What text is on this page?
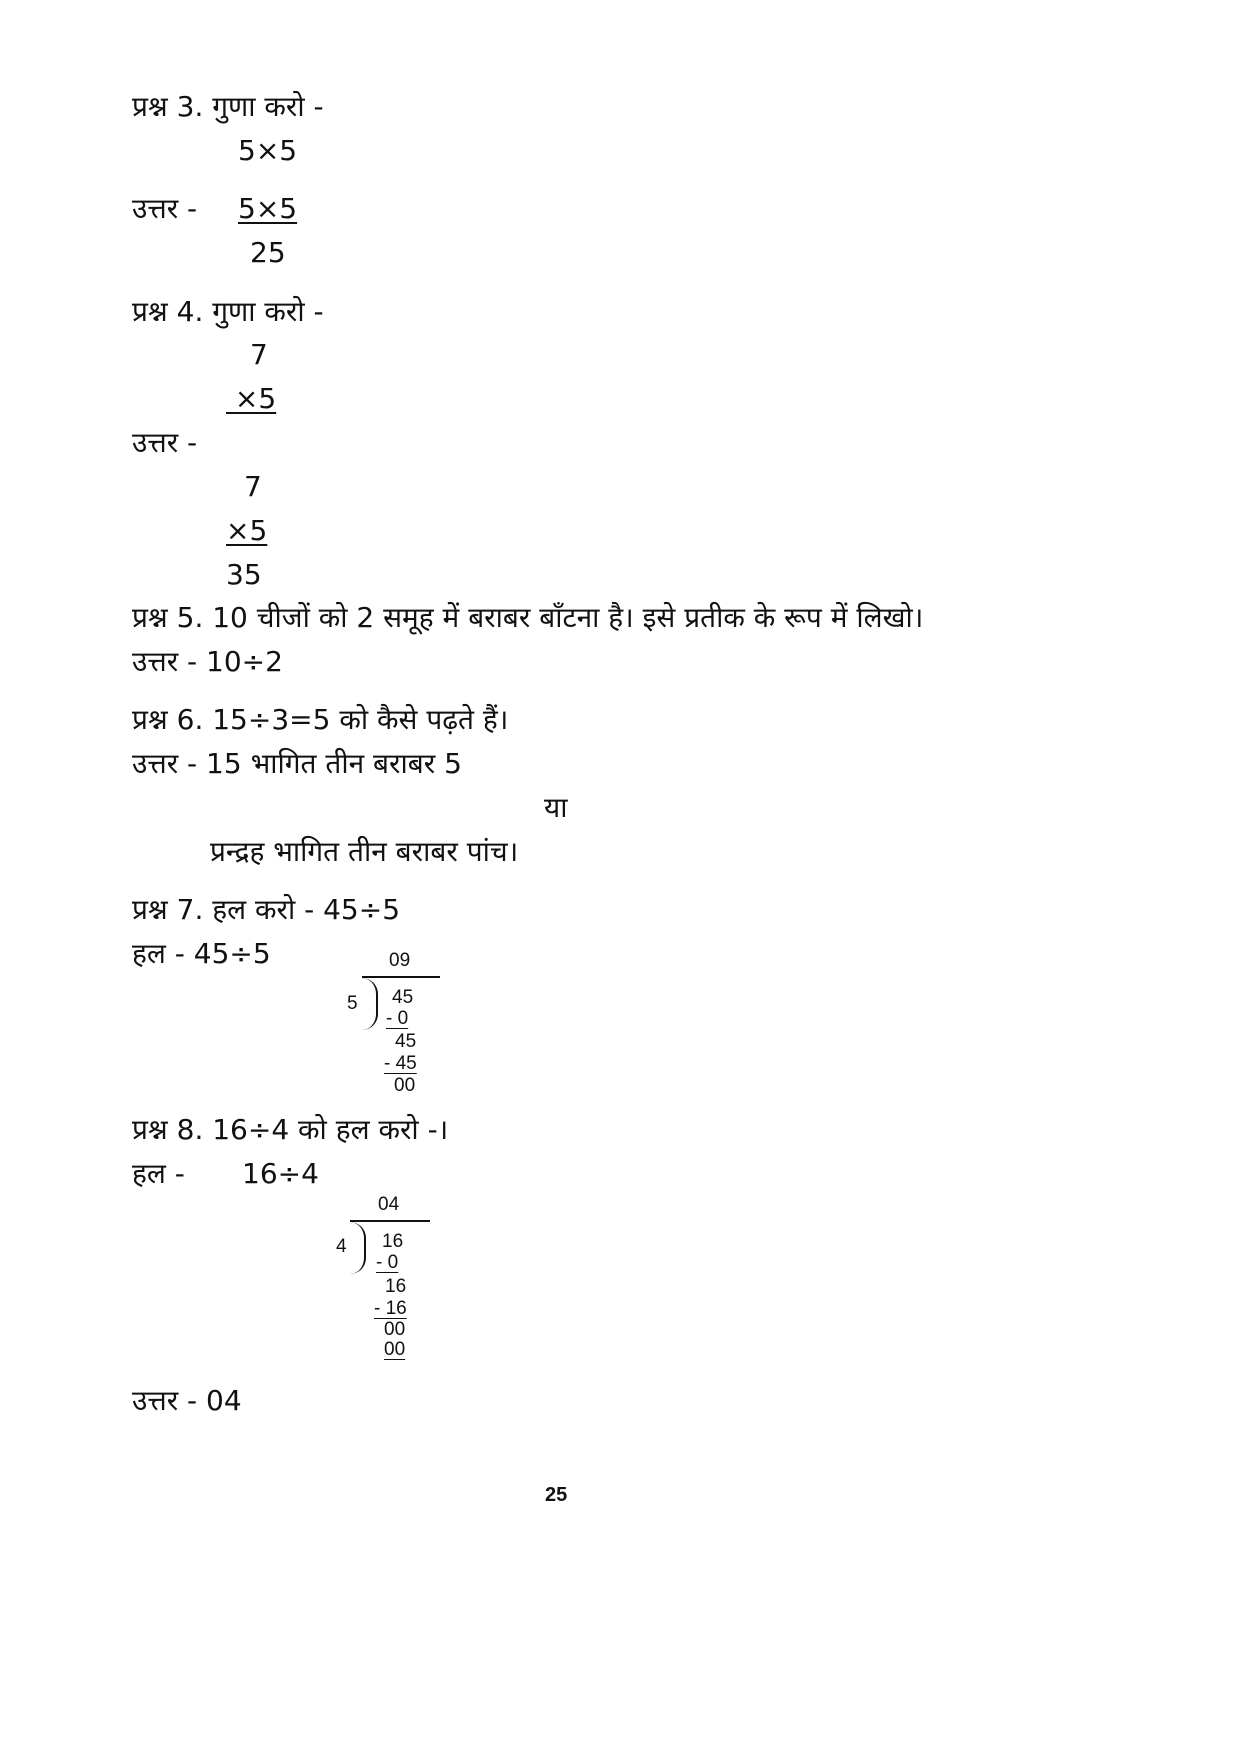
प्रश्न 3. गुणा करो -
5×5
उत्तर - 5×5
25
प्रश्न 4. गुणा करो -
7
×5
उत्तर -
7
×5
35
प्रश्न 5. 10 चीजों को 2 समूह में बराबर बाँटना है। इसे प्रतीक के रूप में लिखो।
उत्तर - 10÷2
प्रश्न 6. 15÷3=5 को कैसे पढ़ते हैं।
उत्तर - 15 भागित तीन बराबर 5
या
प्रन्द्रह भागित तीन बराबर पांच।
प्रश्न 7. हल करो - 45÷5
हल - 45÷5	09
5 45
- 0
45
- 45
00
प्रश्न 8. 16÷4 को हल करो -।
हल - 16÷4
04
4 16
- 0
16
- 16
00
00
उत्तर - 04
25
